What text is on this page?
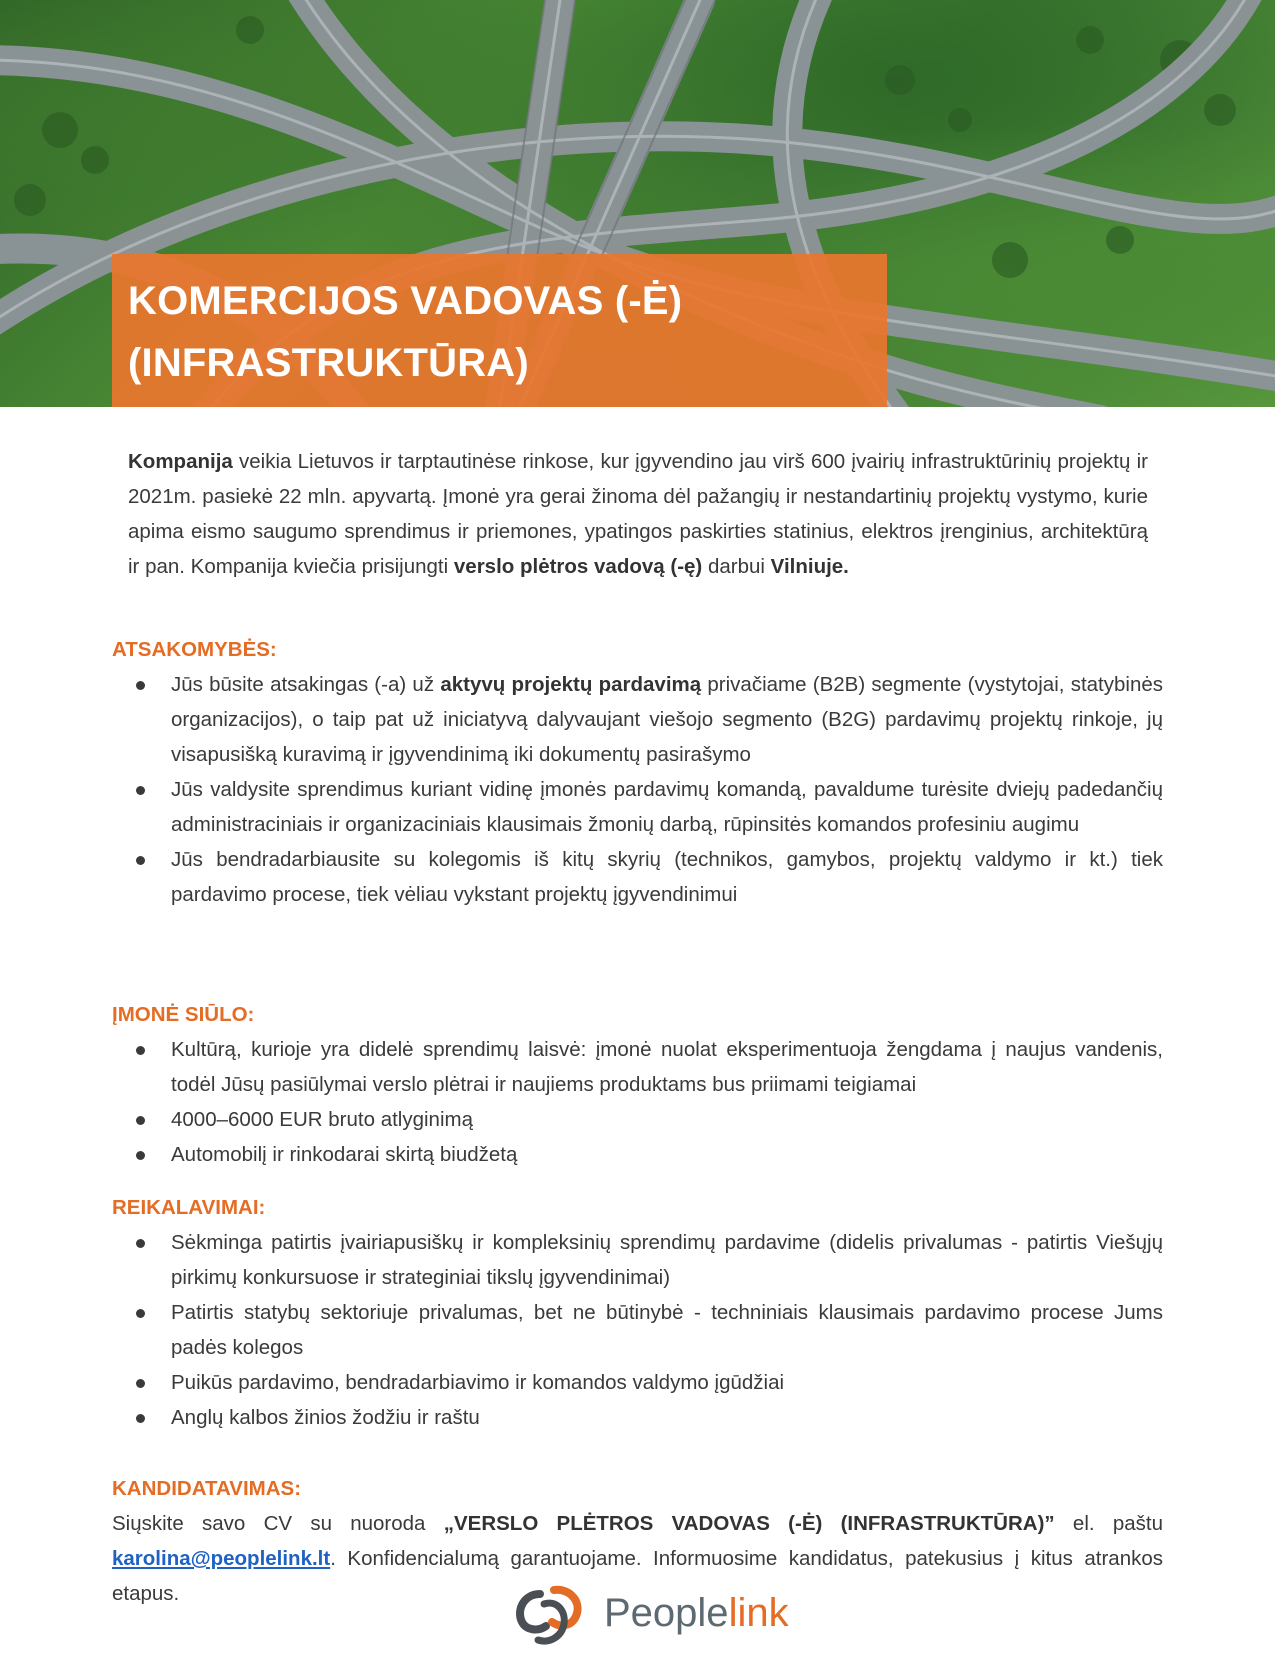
KOMERCIJOS VADOVAS (-Ė)
(INFRASTRUKTŪRA)

Kompanija veikia Lietuvos ir tarptautinėse rinkose, kur įgyvendino jau virš 600 įvairių infrastruktūrinių projektų ir 2021m. pasiekė 22 mln. apyvartą. Įmonė yra gerai žinoma dėl pažangių ir nestandartinių projektų vystymo, kurie apima eismo saugumo sprendimus ir priemones, ypatingos paskirties statinius, elektros įrenginius, architektūrą ir pan. Kompanija kviečia prisijungti verslo plėtros vadovą (-ę) darbui Vilniuje.

ATSAKOMYBĖS:
Jūs būsite atsakingas (-a) už aktyvų projektų pardavimą privačiame (B2B) segmente (vystytojai, statybinės organizacijos), o taip pat už iniciatyvą dalyvaujant viešojo segmento (B2G) pardavimų projektų rinkoje, jų visapusišką kuravimą ir įgyvendinimą iki dokumentų pasirašymo
Jūs valdysite sprendimus kuriant vidinę įmonės pardavimų komandą, pavaldume turėsite dviejų padedančių administraciniais ir organizaciniais klausimais žmonių darbą, rūpinsitės komandos profesiniu augimu
Jūs bendradarbiausite su kolegomis iš kitų skyrių (technikos, gamybos, projektų valdymo ir kt.) tiek pardavimo procese, tiek vėliau vykstant projektų įgyvendinimui
ĮMONĖ SIŪLO:
Kultūrą, kurioje yra didelė sprendimų laisvė: įmonė nuolat eksperimentuoja žengdama į naujus vandenis, todėl Jūsų pasiūlymai verslo plėtrai ir naujiems produktams bus priimami teigiamai
4000–6000 EUR bruto atlyginimą
Automobilį ir rinkodarai skirtą biudžetą
REIKALAVIMAI:
Sėkminga patirtis įvairiapusiškų ir kompleksinių sprendimų pardavime (didelis privalumas - patirtis Viešųjų pirkimų konkursuose ir strateginiai tikslų įgyvendinimai)
Patirtis statybų sektoriuje privalumas, bet ne būtinybė - techniniais klausimais pardavimo procese Jums padės kolegos
Puikūs pardavimo, bendradarbiavimo ir komandos valdymo įgūdžiai
Anglų kalbos žinios žodžiu ir raštu
KANDIDATAVIMAS:

Siųskite savo CV su nuoroda „VERSLO PLĖTROS VADOVAS (-Ė) (INFRASTRUKTŪRA)” el. paštu karolina@peoplelink.lt. Konfidencialumą garantuojame. Informuosime kandidatus, patekusius į kitus atrankos etapus.	Peoplelink
